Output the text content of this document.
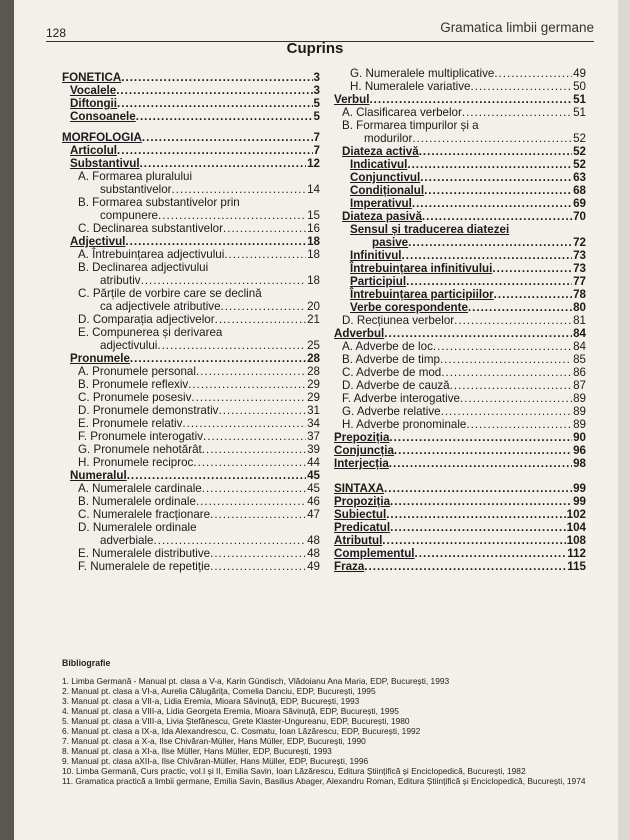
128	Gramatica limbii germane
Cuprins
FONETICA .....	3
Vocalele .....	3
Diftongii .....	5
Consoanele .....	5
MORFOLOGIA .....	7
Articolul .....	7
Substantivul .....	12
A. Formarea pluralului
substantivelor .....	14
B. Formarea substantivelor prin
compunere .....	15
C. Declinarea substantivelor .....	16
Adjectivul .....	18
A. Întrebuințarea adjectivului .....	18
B. Declinarea adjectivului
atributiv .....	18
C. Părțile de vorbire care se declină
ca adjectivele atributive .....	20
D. Comparația adjectivelor .....	21
E. Compunerea și derivarea
adjectivului .....	25
Pronumele .....	28
A. Pronumele personal .....	28
B. Pronumele reflexiv .....	29
C. Pronumele posesiv .....	29
D. Pronumele demonstrativ .....	31
E. Pronumele relativ .....	34
F. Pronumele interogativ .....	37
G. Pronumele nehotărât .....	39
H. Pronumele reciproc .....	44
Numeralul .....	45
A. Numeralele cardinale .....	45
B. Numeralele ordinale .....	46
C. Numeralele fracționare .....	47
D. Numeralele ordinale
adverbiale .....	48
E. Numeralele distributive .....	48
F. Numeralele de repetiție .....	49
G. Numeralele multiplicative .....	49
H. Numeralele variative .....	50
Verbul .....	51
A. Clasificarea verbelor .....	51
B. Formarea timpurilor și a
modurilor .....	52
Diateza activă .....	52
Indicativul .....	52
Conjunctivul .....	63
Condiționalul .....	68
Imperativul .....	69
Diateza pasivă .....	70
Sensul și traducerea diatezei
pasive .....	72
Infinitivul .....	73
Întrebuințarea infinitivului .....	73
Participiul .....	77
Întrebuințarea participiilor .....	78
Verbe corespondente .....	80
D. Recțiunea verbelor .....	81
Adverbul .....	84
A. Adverbe de loc .....	84
B. Adverbe de timp .....	85
C. Adverbe de mod .....	86
D. Adverbe de cauză .....	87
F. Adverbe interogative .....	89
G. Adverbe relative .....	89
H. Adverbe pronominale .....	89
Prepoziția .....	90
Conjuncția .....	96
Interjecția .....	98
SINTAXA .....	99
Propoziția .....	99
Subiectul .....	102
Predicatul .....	104
Atributul .....	108
Complementul .....	112
Fraza .....	115
Bibliografie
1. Limba Germană - Manual pt. clasa a V-a, Karin Gündisch, Vlădoianu Ana Maria, EDP, București, 1993
2. Manual pt. clasa a VI-a, Aurelia Călugărița, Cornelia Danciu, EDP, București, 1995
3. Manual pt. clasa a VII-a, Lidia Eremia, Mioara Săvinuță, EDP, București, 1993
4. Manual pt. clasa a VIII-a, Lidia Georgeta Eremia, Mioara Săvinuță, EDP, București, 1995
5. Manual pt. clasa a VIII-a, Livia Ștefănescu, Grete Klaster-Ungureanu, EDP, București, 1980
6. Manual pt. clasa a IX-a, Ida Alexandrescu, C. Cosmatu, Ioan Lăzărescu, EDP, București, 1992
7. Manual pt. clasa a X-a, Ilse Chivăran-Müller, Hans Müller, EDP, București, 1990
8. Manual pt. clasa a XI-a, Ilse Müller, Hans Müller, EDP, București, 1993
9. Manual pt. clasa aXII-a, Ilse Chivăran-Müller, Hans Müller, EDP, București, 1996
10. Limba Germană, Curs practic, vol.I și II, Emilia Savin, Ioan Lăzărescu, Editura Științifică și Enciclopedică, București, 1982
11. Gramatica practică a limbii germane, Emilia Savin, Basilius Abager, Alexandru Roman, Editura Științifică și Enciclopedică, București, 1974
